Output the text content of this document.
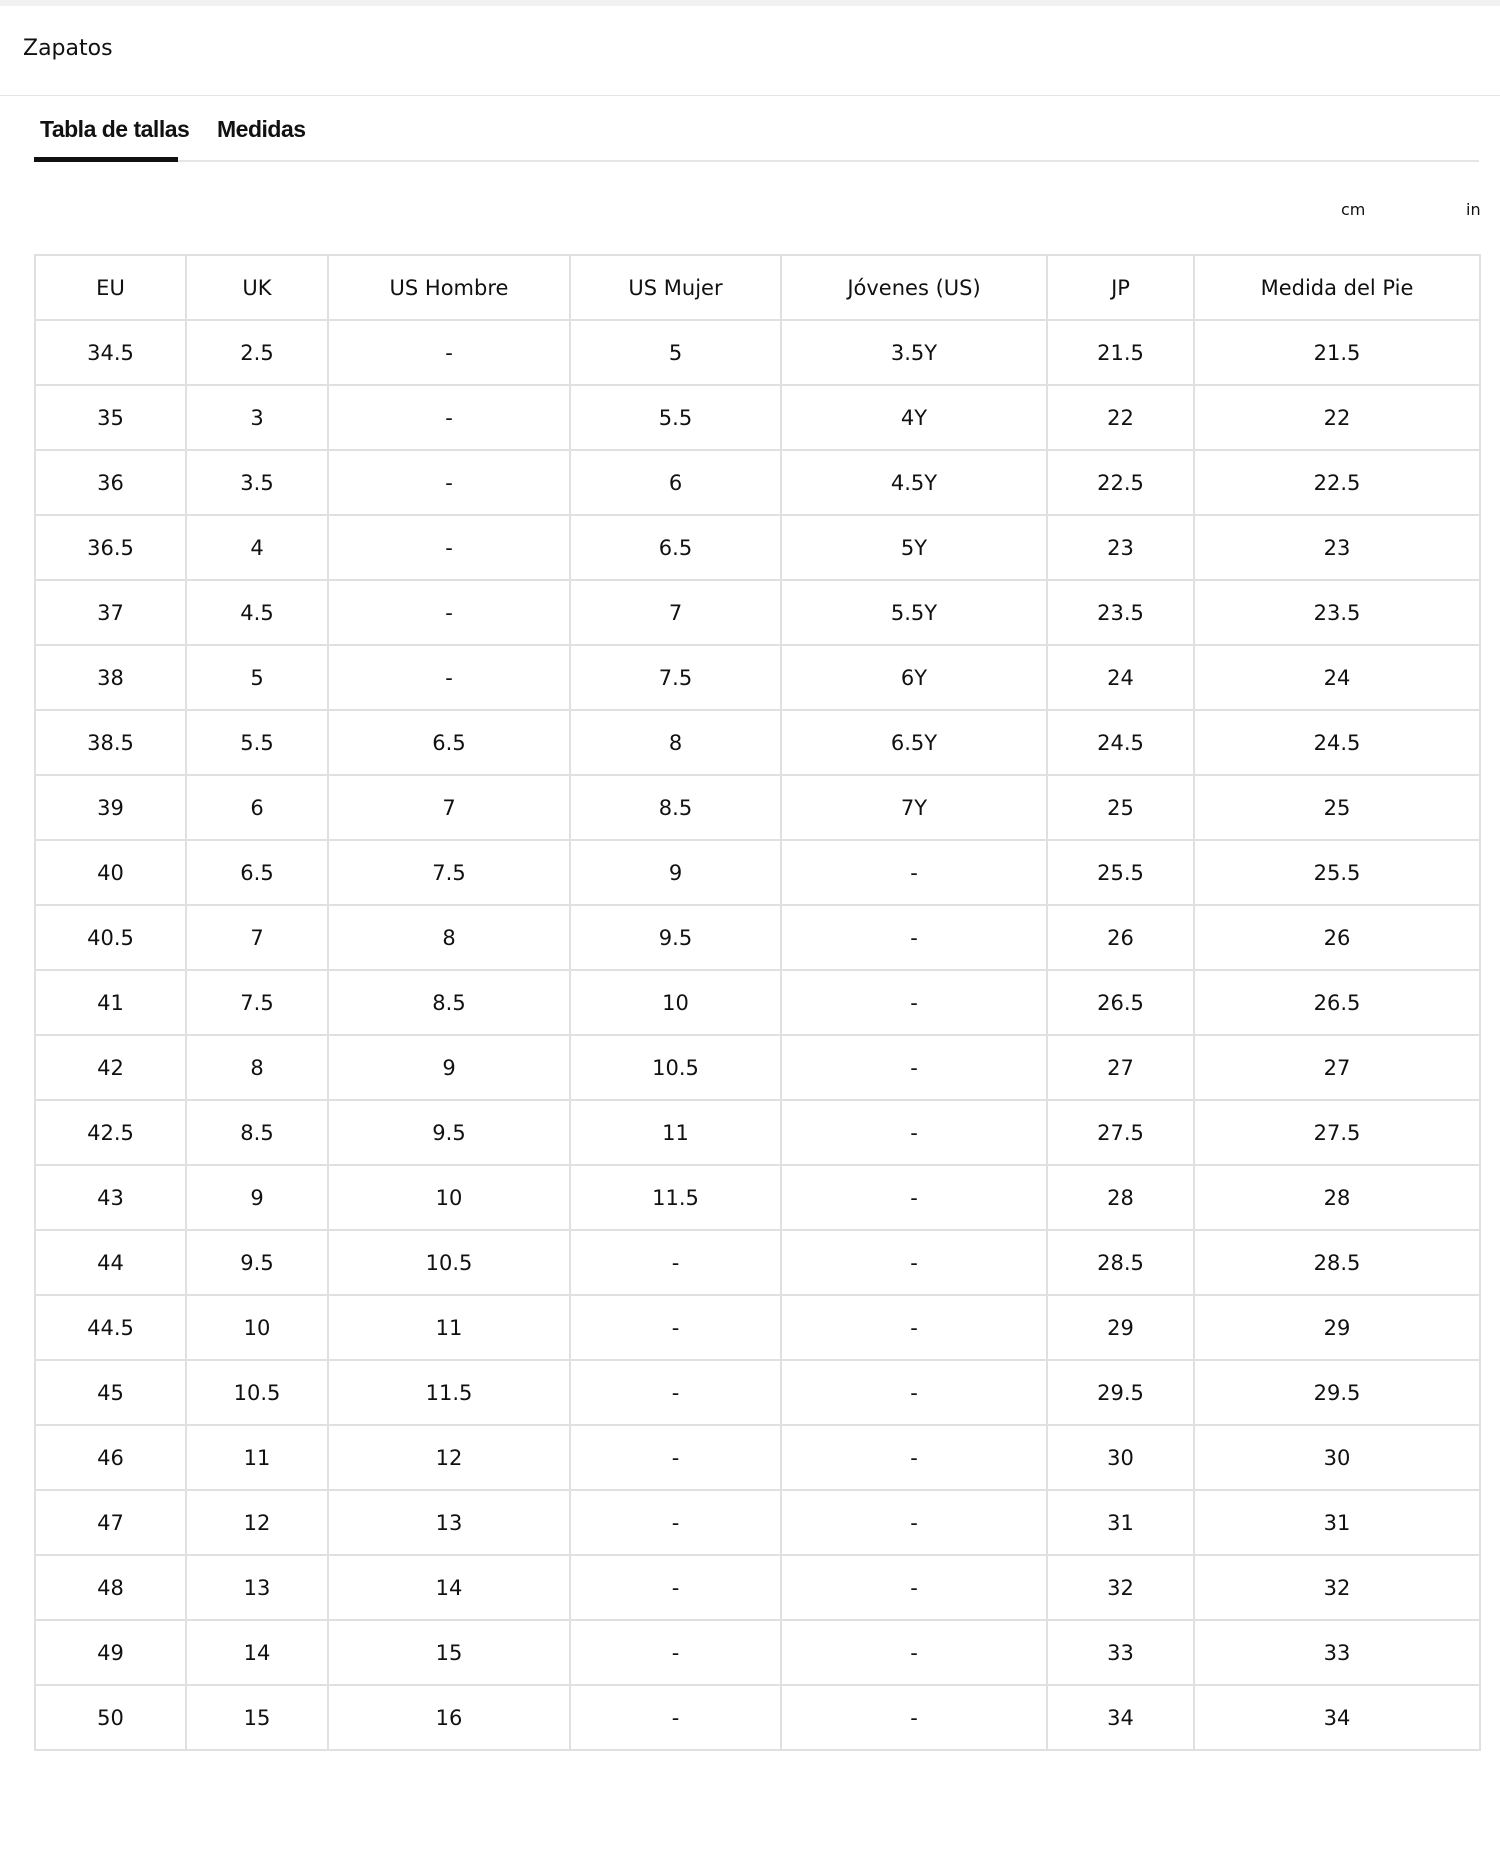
Zapatos
Tabla de tallas Medidas
cm	in
EU	UK	US Hombre	US Mujer	Jóvenes (US)	JP	Medida del Pie
34.5	2.5	-	5	3.5Y	21.5	21.5
35	3	-	5.5	4Y	22	22
36	3.5	-	6	4.5Y	22.5	22.5
36.5	4	-	6.5	5Y	23	23
37	4.5	-	7	5.5Y	23.5	23.5
38	5	-	7.5	6Y	24	24
38.5	5.5	6.5	8	6.5Y	24.5	24.5
39	6	7	8.5	7Y	25	25
40	6.5	7.5	9	-	25.5	25.5
40.5	7	8	9.5	-	26	26
41	7.5	8.5	10	-	26.5	26.5
42	8	9	10.5	-	27	27
42.5	8.5	9.5	11	-	27.5	27.5
43	9	10	11.5	-	28	28
44	9.5	10.5	-	-	28.5	28.5
44.5	10	11	-	-	29	29
45	10.5	11.5	-	-	29.5	29.5
46	11	12	-	-	30	30
47	12	13	-	-	31	31
48	13	14	-	-	32	32
49	14	15	-	-	33	33
50	15	16	-	-	34	34
